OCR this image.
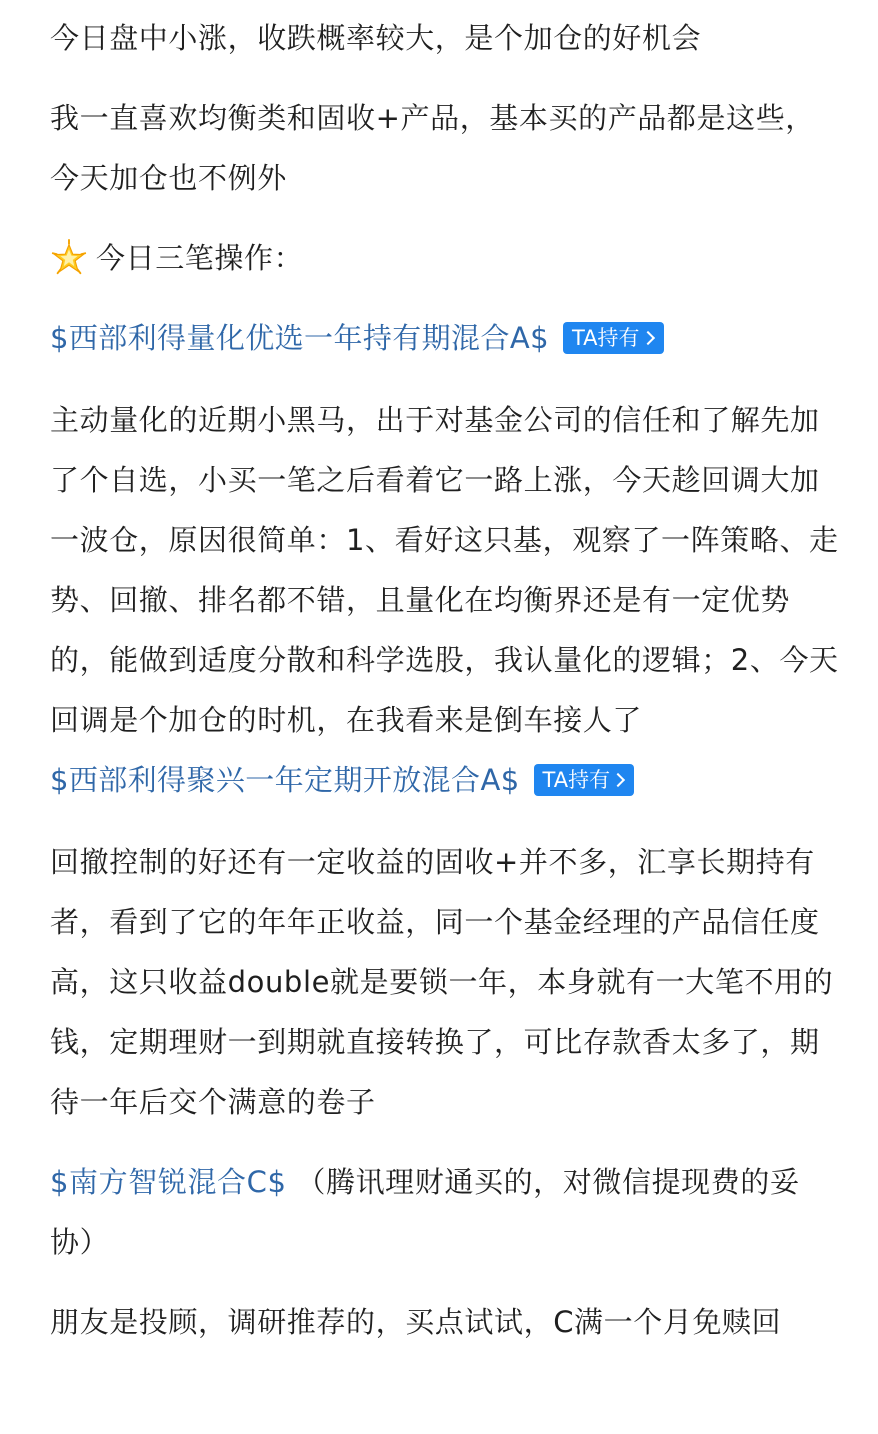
今日盘中小涨，收跌概率较大，是个加仓的好机会

我一直喜欢均衡类和固收+产品，基本买的产品都是这些，今天加仓也不例外

今日三笔操作：
$西部利得量化优选一年持有期混合A$ TA持有

主动量化的近期小黑马，出于对基金公司的信任和了解先加了个自选，小买一笔之后看着它一路上涨，今天趁回调大加一波仓，原因很简单：1、看好这只基，观察了一阵策略、走势、回撤、排名都不错，且量化在均衡界还是有一定优势的，能做到适度分散和科学选股，我认量化的逻辑；2、今天回调是个加仓的时机，在我看来是倒车接人了

$西部利得聚兴一年定期开放混合A$ TA持有

回撤控制的好还有一定收益的固收+并不多，汇享长期持有者，看到了它的年年正收益，同一个基金经理的产品信任度高，这只收益double就是要锁一年，本身就有一大笔不用的钱，定期理财一到期就直接转换了，可比存款香太多了，期待一年后交个满意的卷子

$南方智锐混合C$ （腾讯理财通买的，对微信提现费的妥协）

朋友是投顾，调研推荐的，买点试试，C满一个月免赎回
